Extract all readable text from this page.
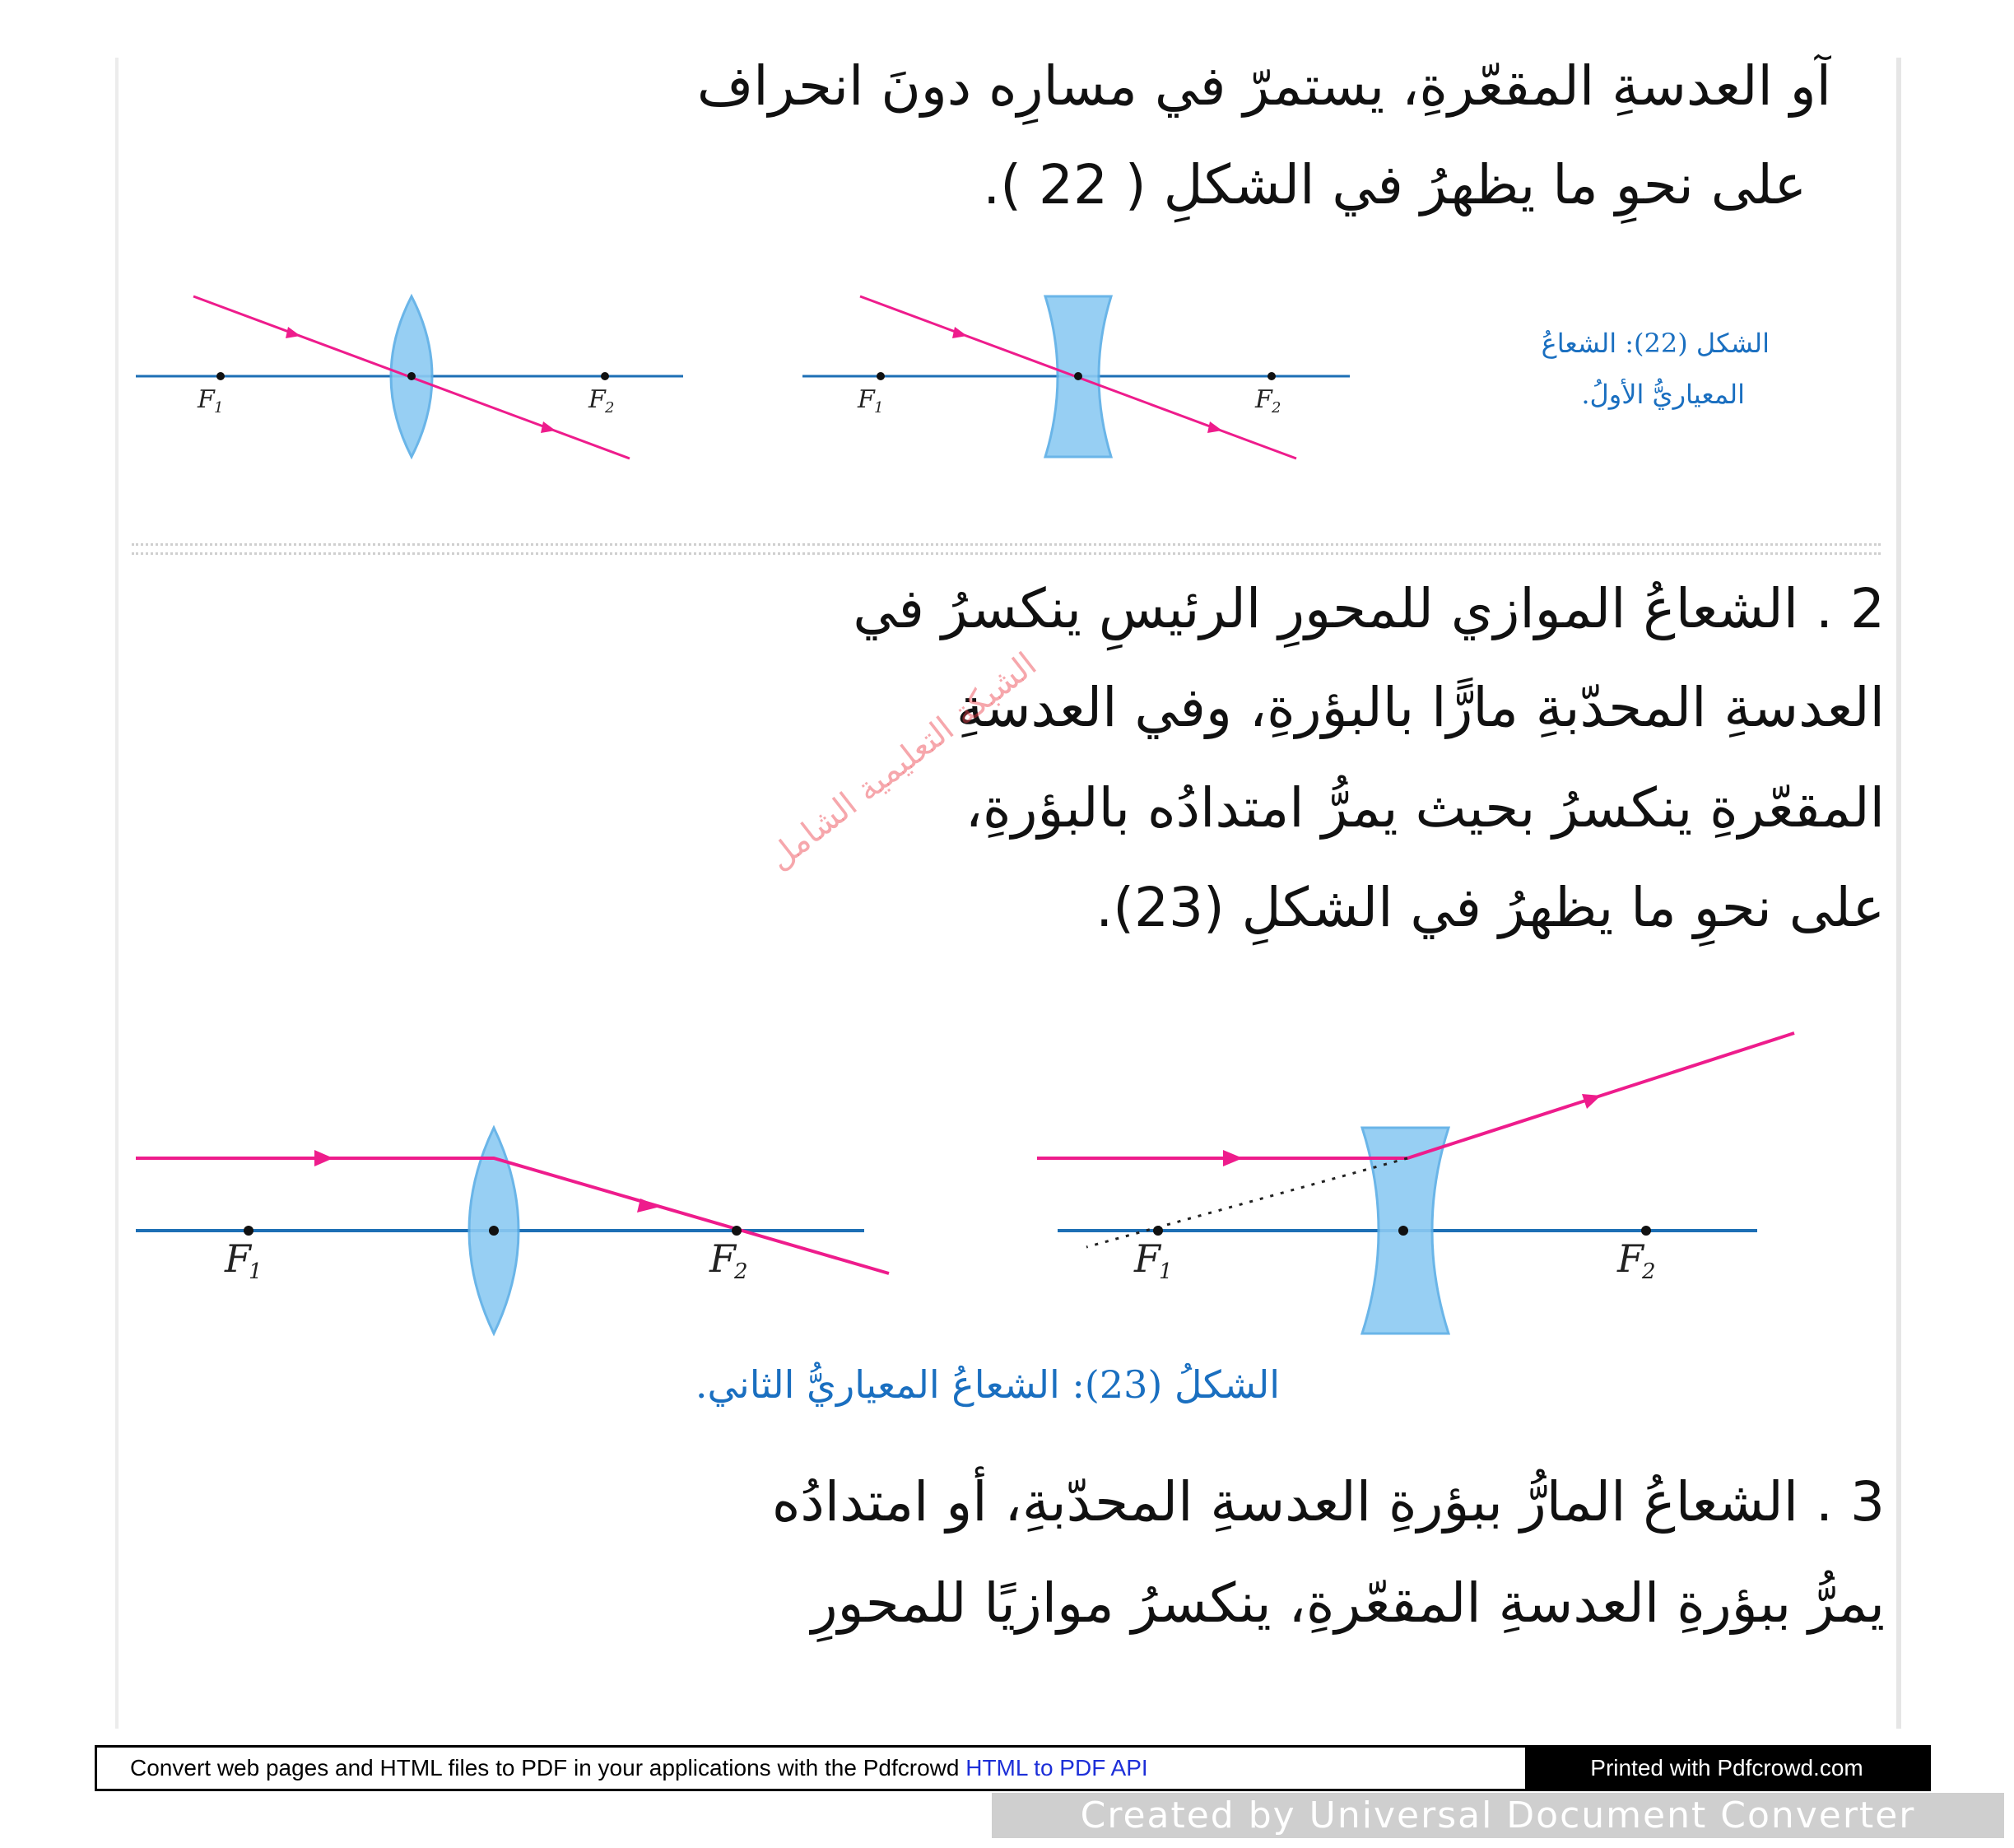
آو العدسةِ المقعّرةِ، يستمرّ في مسارِه دونَ انحراف
على نحوِ ما يظهرُ في الشكلِ ( 22 ).
F 1	F 2	F 1	F 2
الشكل (22): الشعاعُ
المعياريُّ الأولُ.
2 . الشعاعُ الموازي للمحورِ الرئيسِ ينكسرُ في
العدسةِ المحدّبةِ مارًّا بالبؤرةِ، وفي العدسةِ
المقعّرةِ ينكسرُ بحيث يمرُّ امتدادُه بالبؤرةِ،
على نحوِ ما يظهرُ في الشكلِ (23).
الشبكة التعليمية الشامل
F
1	F
2	F
1	F
2
الشكلُ (23): الشعاعُ المعياريُّ الثاني.
3 . الشعاعُ المارُّ ببؤرةِ العدسةِ المحدّبةِ، أو امتدادُه
يمرُّ ببؤرةِ العدسةِ المقعّرةِ، ينكسرُ موازيًا للمحورِ
Convert web pages and HTML files to PDF in your applications with the Pdfcrowd HTML to PDF API	Printed with Pdfcrowd.com
Created by Universal Document Converter
